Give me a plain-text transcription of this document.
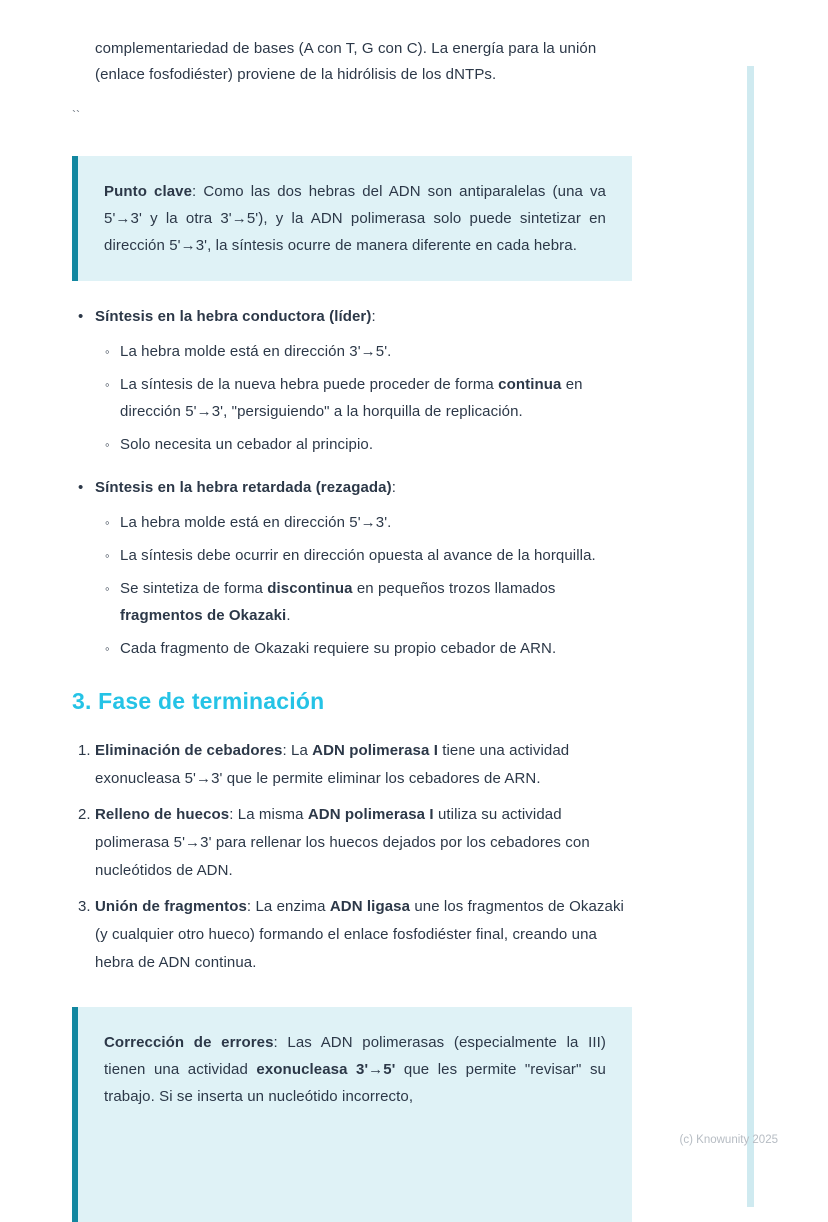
complementariedad de bases (A con T, G con C). La energía para la unión (enlace fosfodiéster) proviene de la hidrólisis de los dNTPs.

``

Punto clave: Como las dos hebras del ADN son antiparalelas (una va 5'→3' y la otra 3'→5'), y la ADN polimerasa solo puede sintetizar en dirección 5'→3', la síntesis ocurre de manera diferente en cada hebra.

• Síntesis en la hebra conductora (líder):

◦ La hebra molde está en dirección 3'→5'.

◦ La síntesis de la nueva hebra puede proceder de forma continua en dirección 5'→3', "persiguiendo" a la horquilla de replicación.

◦ Solo necesita un cebador al principio.

• Síntesis en la hebra retardada (rezagada):

◦ La hebra molde está en dirección 5'→3'.

◦ La síntesis debe ocurrir en dirección opuesta al avance de la horquilla.

◦ Se sintetiza de forma discontinua en pequeños trozos llamados fragmentos de Okazaki.

◦ Cada fragmento de Okazaki requiere su propio cebador de ARN.

3. Fase de terminación
1. Eliminación de cebadores: La ADN polimerasa I tiene una actividad exonucleasa 5'→3' que le permite eliminar los cebadores de ARN.

2. Relleno de huecos: La misma ADN polimerasa I utiliza su actividad polimerasa 5'→3' para rellenar los huecos dejados por los cebadores con nucleótidos de ADN.

3. Unión de fragmentos: La enzima ADN ligasa une los fragmentos de Okazaki (y cualquier otro hueco) formando el enlace fosfodiéster final, creando una hebra de ADN continua.

Corrección de errores: Las ADN polimerasas (especialmente la III) tienen una actividad exonucleasa 3'→5' que les permite "revisar" su trabajo. Si se inserta un nucleótido incorrecto,

(c) Knowunity 2025
